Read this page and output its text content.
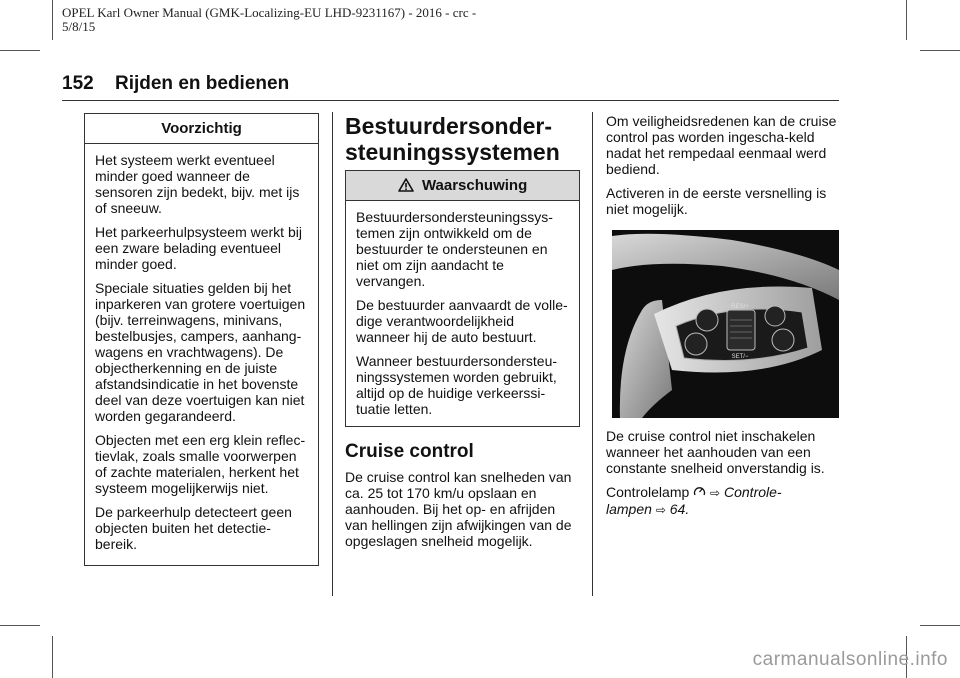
OPEL Karl Owner Manual (GMK-Localizing-EU LHD-9231167) - 2016 - crc -
5/8/15
152 Rijden en bedienen
Voorzichtig

Het systeem werkt eventueel minder goed wanneer de sensoren zijn bedekt, bijv. met ijs of sneeuw.

Het parkeerhulpsysteem werkt bij een zware belading eventueel minder goed.

Speciale situaties gelden bij het inparkeren van grotere voertuigen (bijv. terreinwagens, minivans, bestelbusjes, campers, aanhang-wagens en vrachtwagens). De objectherkenning en de juiste afstandsindicatie in het bovenste deel van deze voertuigen kan niet worden gegarandeerd.

Objecten met een erg klein reflec-tievlak, zoals smalle voorwerpen of zachte materialen, herkent het systeem mogelijkerwijs niet.

De parkeerhulp detecteert geen objecten buiten het detectie-bereik.

Bestuurdersonder-steuningssystemen
Waarschuwing

Bestuurdersondersteuningssys-temen zijn ontwikkeld om de bestuurder te ondersteunen en niet om zijn aandacht te vervangen.

De bestuurder aanvaardt de volle-dige verantwoordelijkheid wanneer hij de auto bestuurt.

Wanneer bestuurdersondersteu-ningssystemen worden gebruikt, altijd op de huidige verkeerssi-tuatie letten.

Cruise control

De cruise control kan snelheden van ca. 25 tot 170 km/u opslaan en aanhouden. Bij het op- en afrijden van hellingen zijn afwijkingen van de opgeslagen snelheid mogelijk.

Om veiligheidsredenen kan de cruise control pas worden ingescha-keld nadat het rempedaal eenmaal werd bediend.

Activeren in de eerste versnelling is niet mogelijk.

RES/+
SET/−

De cruise control niet inschakelen wanneer het aanhouden van een constante snelheid onverstandig is.

Controlelamp ⇨ Controle-
lampen ⇨ 64.

carmanualsonline.info
